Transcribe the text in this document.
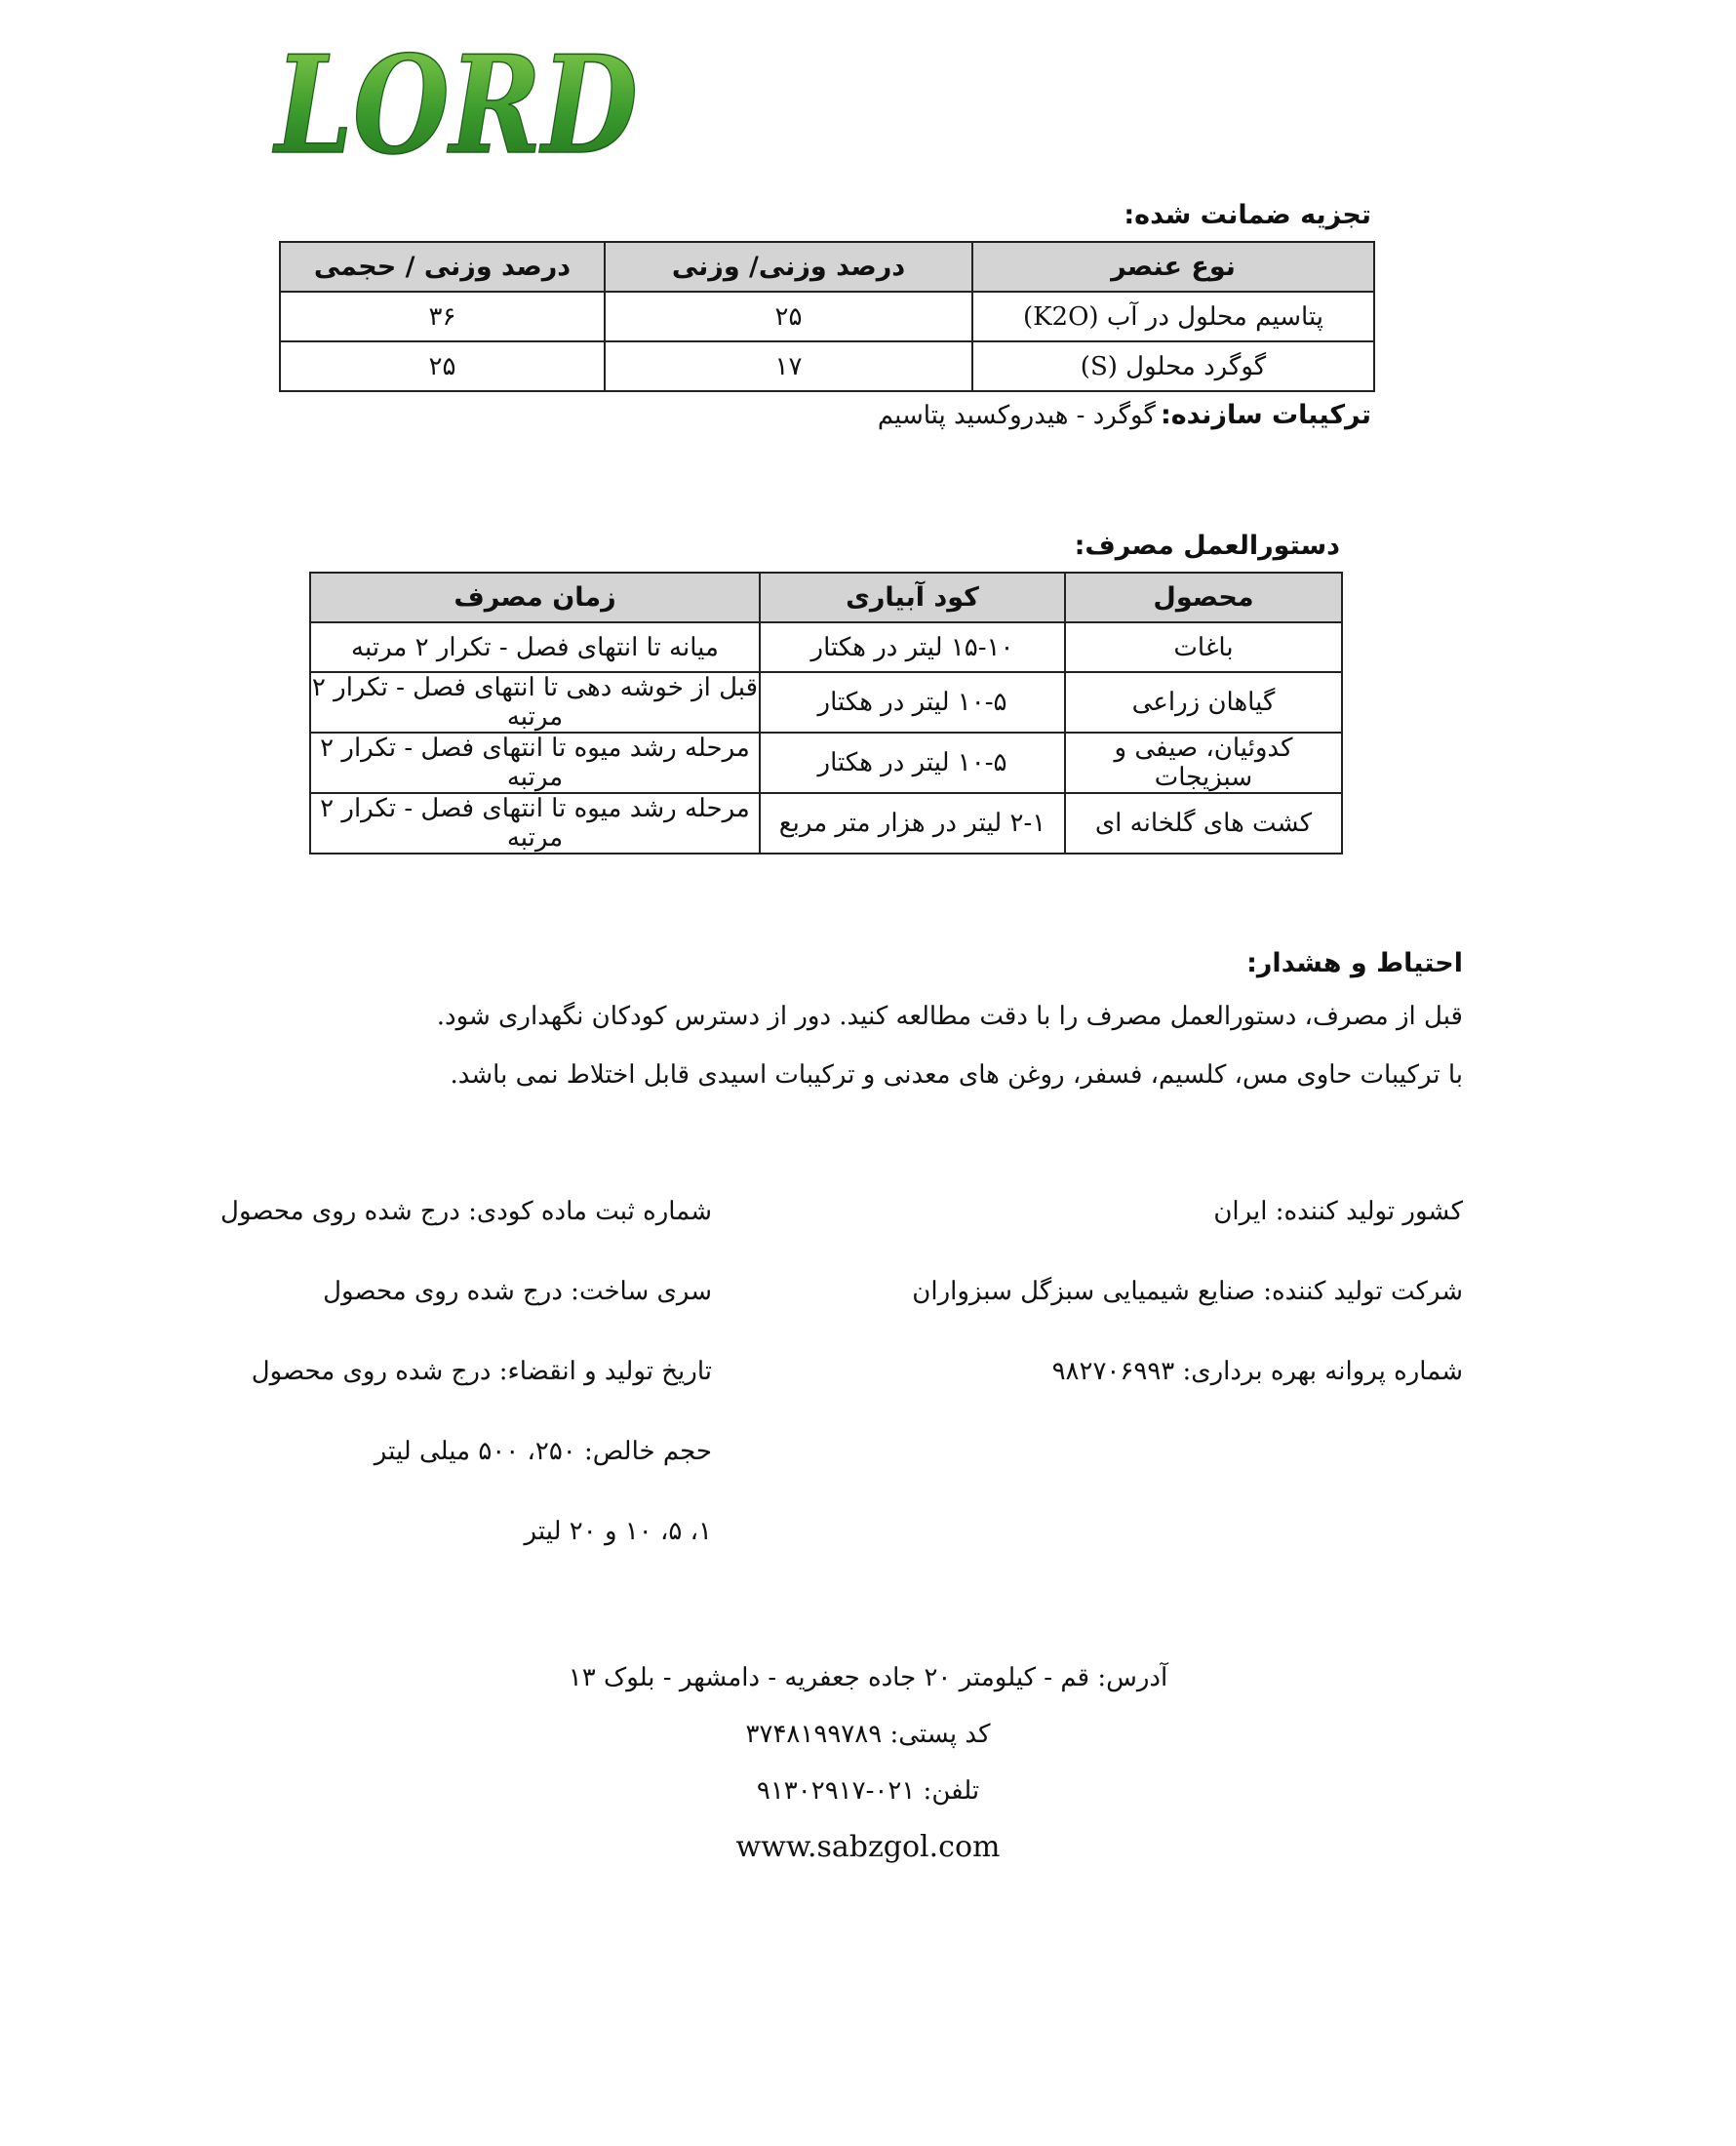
LORD
تجزیه ضمانت شده:
نوع عنصر	درصد وزنی/ وزنی	درصد وزنی / حجمی
پتاسیم محلول در آب (K2O)	۲۵	۳۶
گوگرد محلول (S)	۱۷	۲۵
ترکیبات سازنده: گوگرد - هیدروکسید پتاسیم
دستورالعمل مصرف:
محصول	کود آبیاری	زمان مصرف
باغات	۱۵-۱۰ لیتر در هکتار	میانه تا انتهای فصل - تکرار ۲ مرتبه
گیاهان زراعی	۱۰-۵ لیتر در هکتار	قبل از خوشه دهی تا انتهای فصل - تکرار ۲ مرتبه
کدوئیان، صیفی و سبزیجات	۱۰-۵ لیتر در هکتار	مرحله رشد میوه تا انتهای فصل - تکرار ۲ مرتبه
کشت های گلخانه ای	۲-۱ لیتر در هزار متر مربع	مرحله رشد میوه تا انتهای فصل - تکرار ۲ مرتبه
احتیاط و هشدار:
قبل از مصرف، دستورالعمل مصرف را با دقت مطالعه کنید. دور از دسترس کودکان نگهداری شود.
با ترکیبات حاوی مس، کلسیم، فسفر، روغن های معدنی و ترکیبات اسیدی قابل اختلاط نمی باشد.
کشور تولید کننده: ایران
شرکت تولید کننده: صنایع شیمیایی سبزگل سبزواران
شماره پروانه بهره برداری: ۹۸۲۷۰۶۹۹۳
شماره ثبت ماده کودی: درج شده روی محصول
سری ساخت: درج شده روی محصول
تاریخ تولید و انقضاء: درج شده روی محصول
حجم خالص: ۲۵۰، ۵۰۰ میلی لیتر
۱، ۵، ۱۰ و ۲۰ لیتر
آدرس: قم - کیلومتر ۲۰ جاده جعفریه - دامشهر - بلوک ۱۳
کد پستی: ۳۷۴۸۱۹۹۷۸۹
تلفن: ۰۲۱-۹۱۳۰۲۹۱۷
www.sabzgol.com
